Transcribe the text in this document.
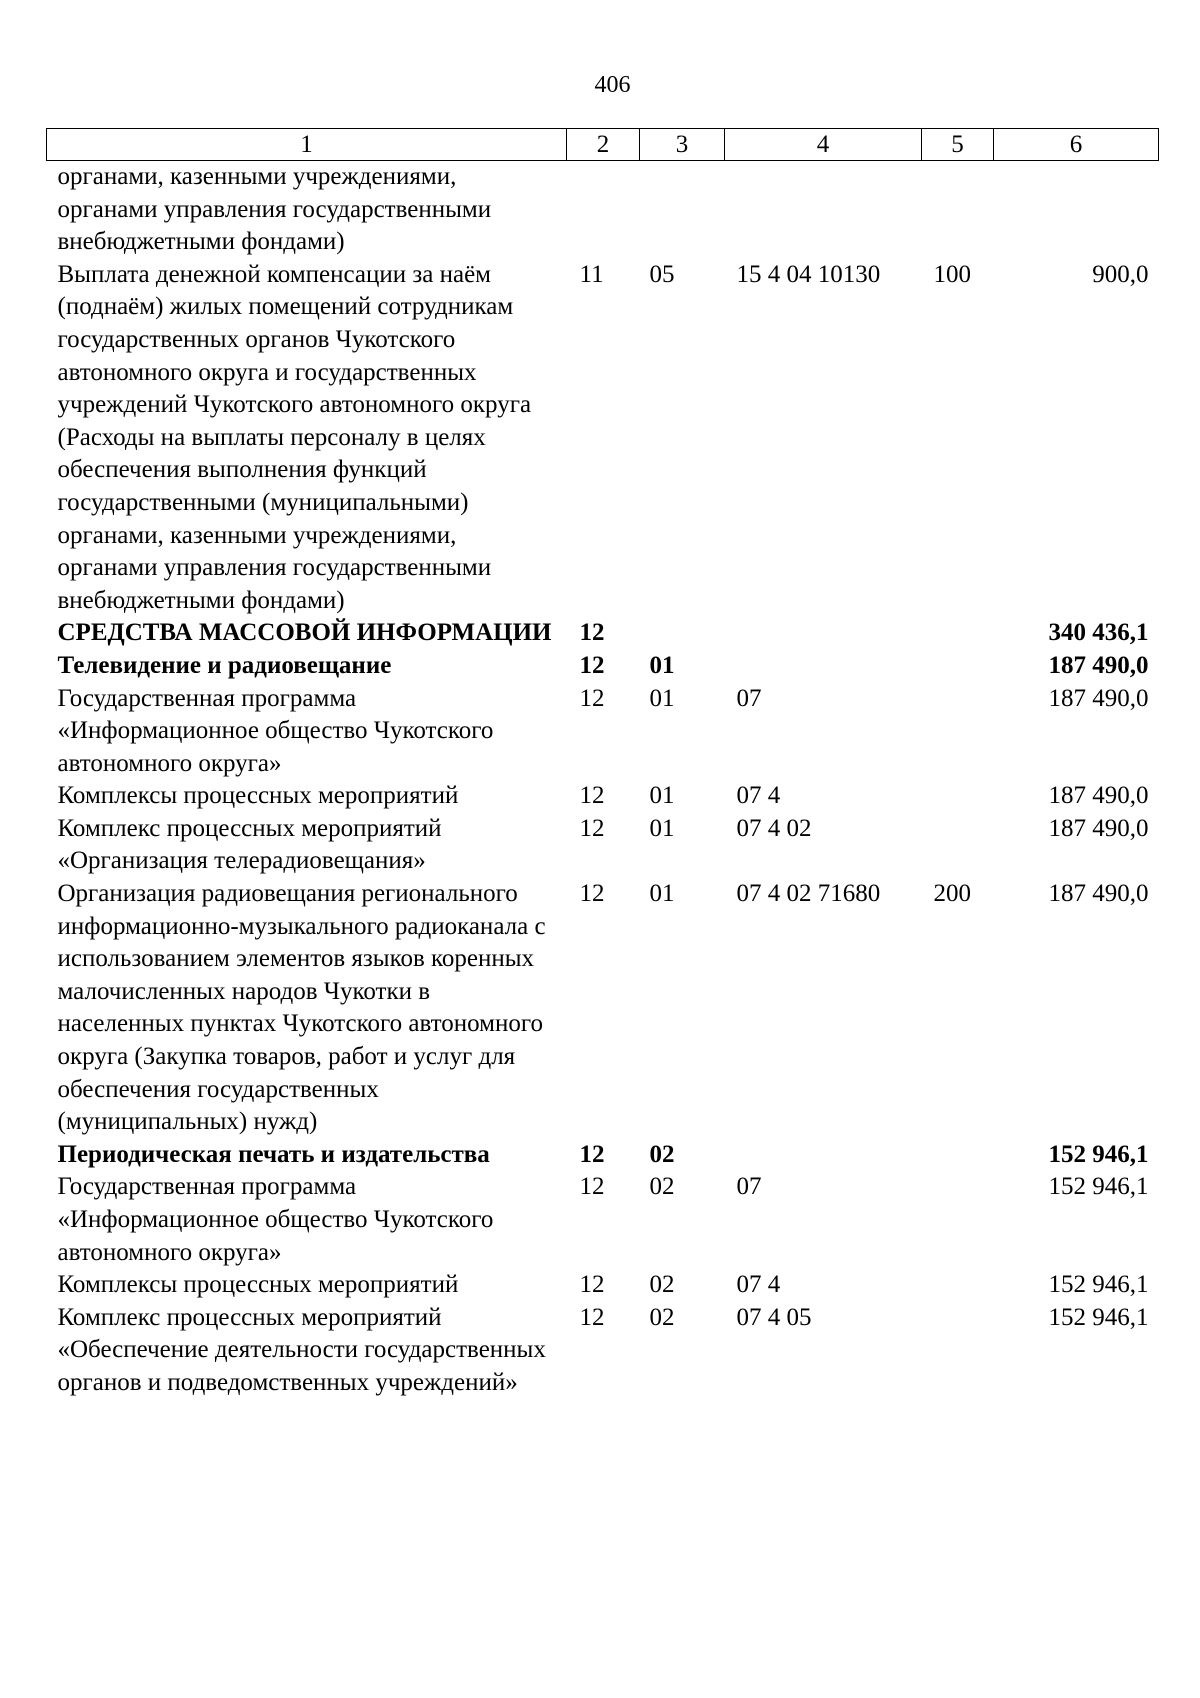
406
1	2	3	4	5	6
органами, казенными учреждениями, органами управления государственными внебюджетными фондами)					
Выплата денежной компенсации за наём (поднаём) жилых помещений сотрудникам государственных органов Чукотского автономного округа и государственных учреждений Чукотского автономного округа (Расходы на выплаты персоналу в целях обеспечения выполнения функций государственными (муниципальными) органами, казенными учреждениями, органами управления государственными внебюджетными фондами)	11	05	15 4 04 10130	100	900,0
СРЕДСТВА МАССОВОЙ ИНФОРМАЦИИ	12				340 436,1
Телевидение и радиовещание	12	01			187 490,0
Государственная программа «Информационное общество Чукотского автономного округа»	12	01	07		187 490,0
Комплексы процессных мероприятий	12	01	07 4		187 490,0
Комплекс процессных мероприятий «Организация телерадиовещания»	12	01	07 4 02		187 490,0
Организация радиовещания регионального информационно-музыкального радиоканала с использованием элементов языков коренных малочисленных народов Чукотки в населенных пунктах Чукотского автономного округа (Закупка товаров, работ и услуг для обеспечения государственных (муниципальных) нужд)	12	01	07 4 02 71680	200	187 490,0
Периодическая печать и издательства	12	02			152 946,1
Государственная программа «Информационное общество Чукотского автономного округа»	12	02	07		152 946,1
Комплексы процессных мероприятий	12	02	07 4		152 946,1
Комплекс процессных мероприятий «Обеспечение деятельности государственных органов и подведомственных учреждений»	12	02	07 4 05		152 946,1
